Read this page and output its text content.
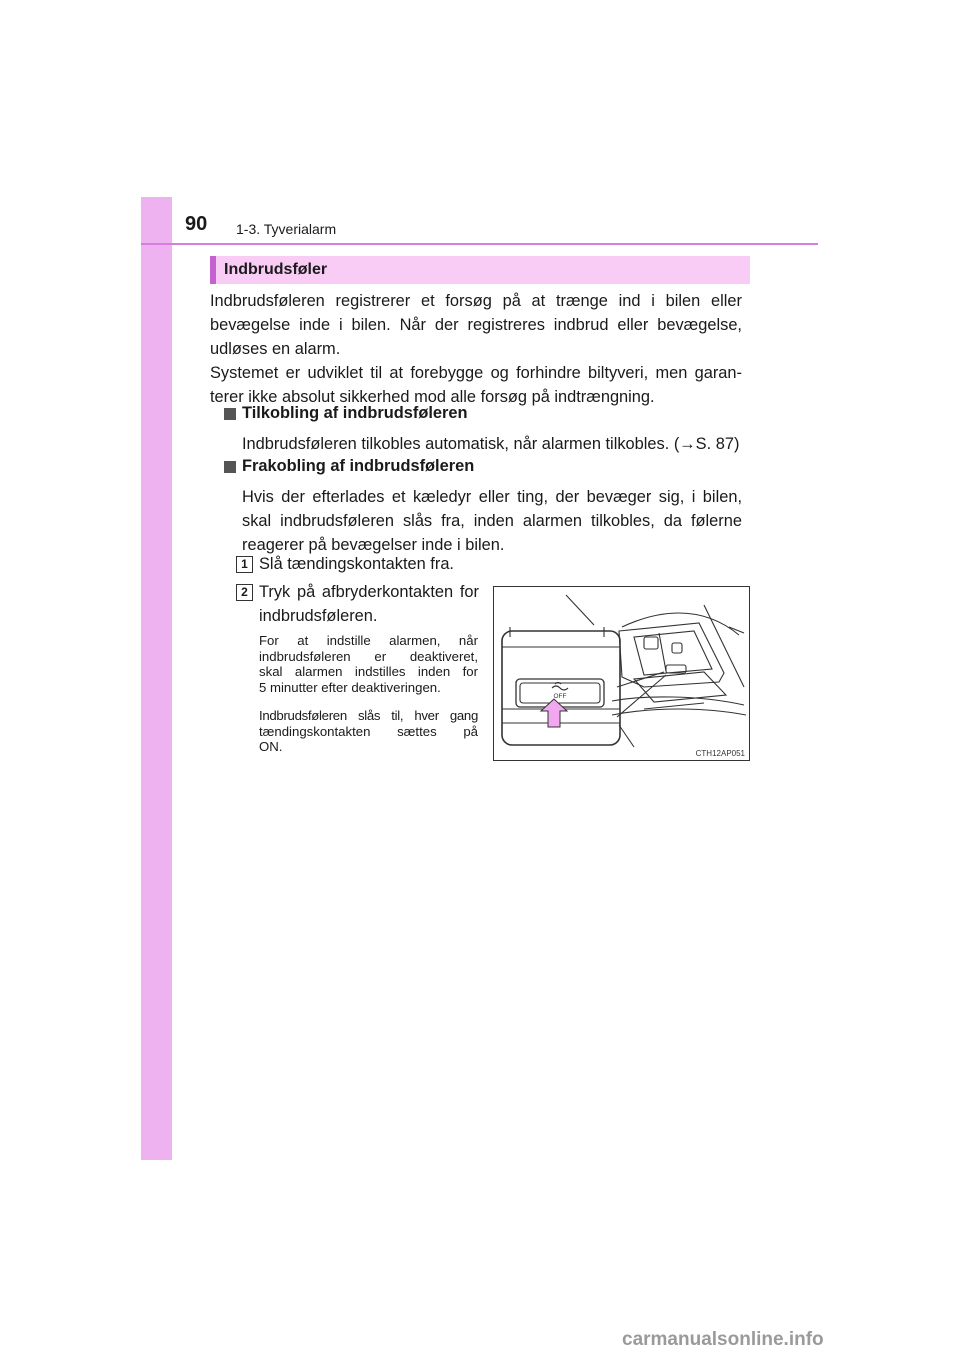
90 1-3. Tyverialarm
Indbrudsføler
Indbrudsføleren registrerer et forsøg på at trænge ind i bilen eller
bevægelse inde i bilen. Når der registreres indbrud eller bevægelse,
udløses en alarm.
Systemet er udviklet til at forebygge og forhindre biltyveri, men garan-
terer ikke absolut sikkerhed mod alle forsøg på indtrængning.
Tilkobling af indbrudsføleren
Indbrudsføleren tilkobles automatisk, når alarmen tilkobles. (→S. 87)
Frakobling af indbrudsføleren
Hvis der efterlades et kæledyr eller ting, der bevæger sig, i bilen,
skal indbrudsføleren slås fra, inden alarmen tilkobles, da følerne
reagerer på bevægelser inde i bilen.
1 Slå tændingskontakten fra.
2 Tryk på afbryderkontakten for
indbrudsføleren.
For at indstille alarmen, når
indbrudsføleren er deaktiveret,
skal alarmen indstilles inden for
5 minutter efter deaktiveringen.
Indbrudsføleren slås til, hver gang
tændingskontakten sættes på
ON.
OFF
CTH12AP051
carmanualsonline.info
